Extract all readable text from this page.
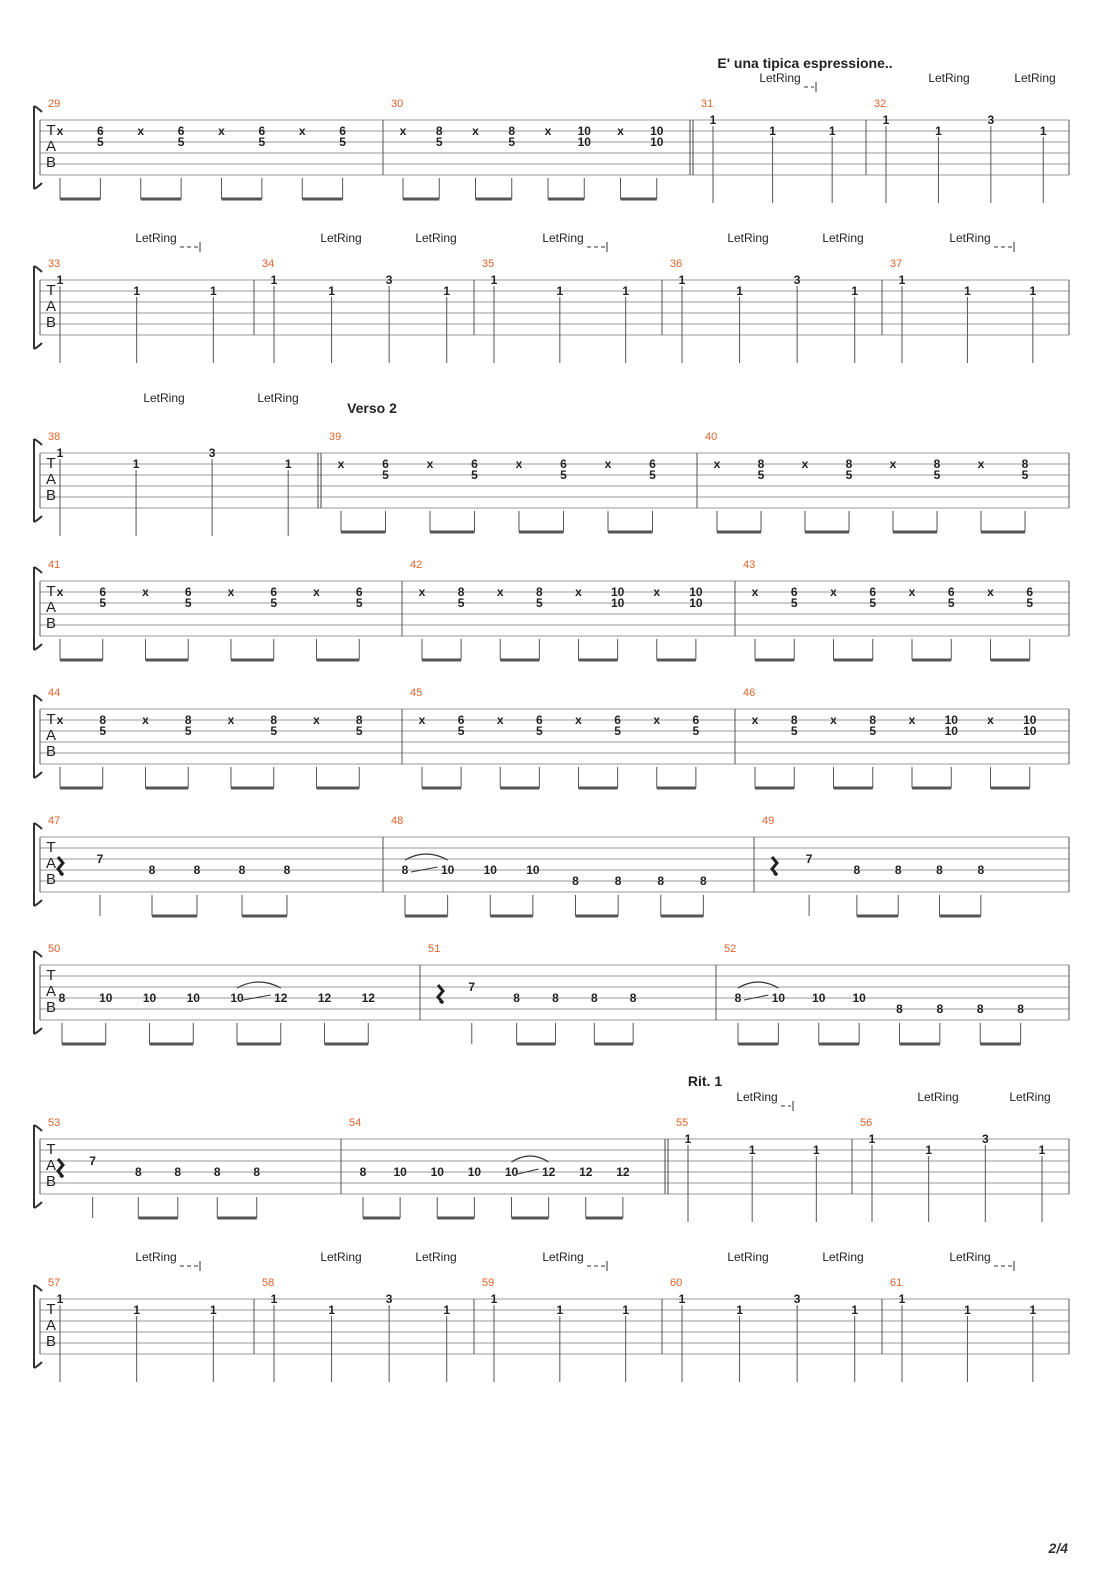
T
A
B
E' una tipica espressione..
LetRing	LetRing	LetRing
29
x	6
5
x	6
5
x	6
5
x	6
5
30
x 8
5
x 8
5
x 10
10
x 10
10
31
1
1	1
32
1
1
3
1
T
A
B
LetRing	LetRing	LetRing	LetRing	LetRing	LetRing	LetRing
33
1
1	1
34
1
1
3
1
35
1
1	1
36
1
1
3
1
37
1
1	1
T
A
B
Verso 2
LetRing	LetRing
38
1
1
3
1
39
x	6
5
x	6
5
x	6
5
x	6
5
40
x	8
5
x	8
5
x	8
5
x	8
5
T
A
B
41
x	6
5
x	6
5
x	6
5
x	6
5
42
x	8
5
x	8
5
x 10
10
x 10
10
43
x	6
5
x	6
5
x	6
5
x	6
5
T
A
B
44
x	8
5
x	8
5
x	8
5
x	8
5
45
x	6
5
x	6
5
x	6
5
x	6
5
46
x	8
5
x	8
5
x 10
10
x 10
10
T
A
B
47
7
8	8	8	8
48
8	10 10 10
8	8	8	8
49
7
8	8	8	8
T
A
B
50
8	10	10	10	10	12	12	12
51
7
8	8	8	8
52
8	10 10 10
8	8	8	8
T
A
B
Rit. 1
LetRing	LetRing	LetRing
53
7
8	8	8	8
54
8 10 10 10 10 12 12 12
55
1
1	1
56
1
1
3
1
T
A
B
LetRing	LetRing	LetRing	LetRing	LetRing	LetRing	LetRing
57
1
1	1
58
1
1
3
1
59
1
1	1
60
1
1
3
1
61
1
1	1
2/4
